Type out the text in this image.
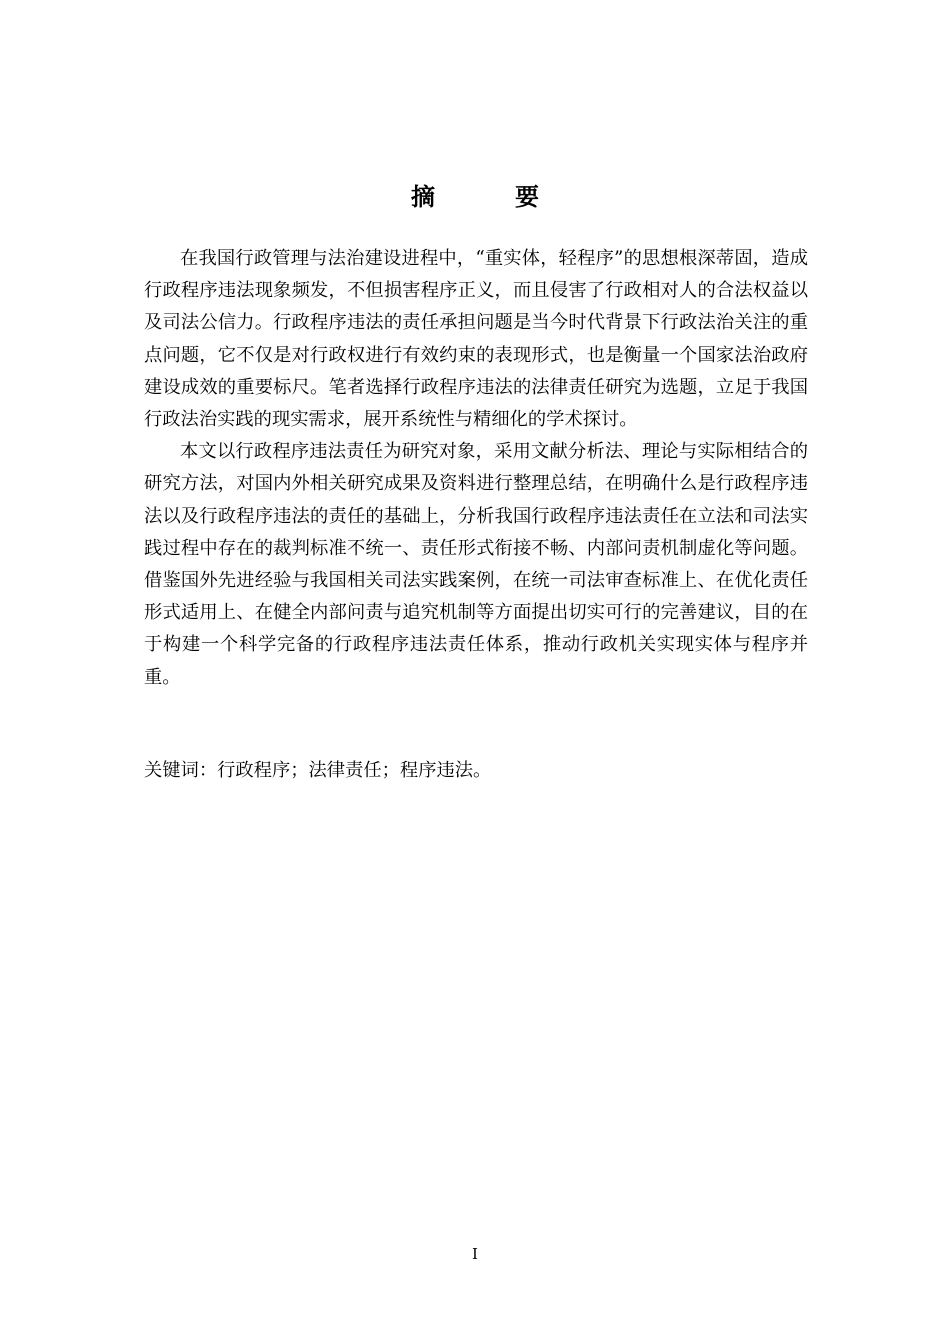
摘　要

在我国行政管理与法治建设进程中，“重实体，轻程序”的思想根深蒂固，造成行政程序违法现象频发，不但损害程序正义，而且侵害了行政相对人的合法权益以及司法公信力。行政程序违法的责任承担问题是当今时代背景下行政法治关注的重点问题，它不仅是对行政权进行有效约束的表现形式，也是衡量一个国家法治政府建设成效的重要标尺。笔者选择行政程序违法的法律责任研究为选题，立足于我国行政法治实践的现实需求，展开系统性与精细化的学术探讨。

本文以行政程序违法责任为研究对象，采用文献分析法、理论与实际相结合的研究方法，对国内外相关研究成果及资料进行整理总结，在明确什么是行政程序违法以及行政程序违法的责任的基础上，分析我国行政程序违法责任在立法和司法实践过程中存在的裁判标准不统一、责任形式衔接不畅、内部问责机制虚化等问题。借鉴国外先进经验与我国相关司法实践案例，在统一司法审查标准上、在优化责任形式适用上、在健全内部问责与追究机制等方面提出切实可行的完善建议，目的在于构建一个科学完备的行政程序违法责任体系，推动行政机关实现实体与程序并重。

关键词：行政程序；法律责任；程序违法。
I
